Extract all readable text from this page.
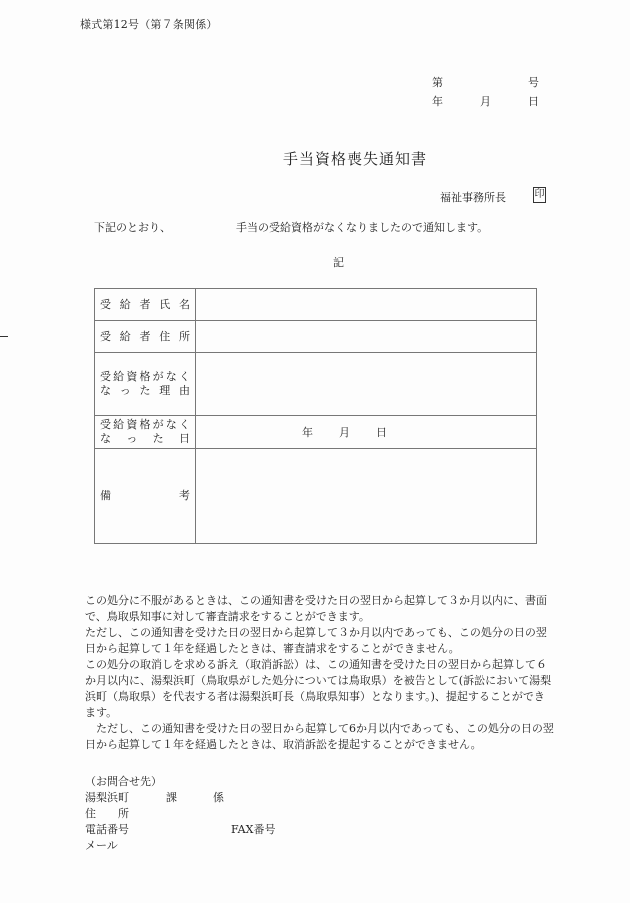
様式第12号（第７条関係）
第	号
年	月	日
手当資格喪失通知書
福祉事務所長	印
下記のとおり、	手当の受給資格がなくなりましたので通知します。
記
受 給 者 氏 名	

受 給 者 住 所	

受 給 資 格 が な く
な っ た 理 由

受 給 資 格 が な く
な っ た 日	年 月 日

備 考	

この処分に不服があるときは、この通知書を受けた日の翌日から起算して３か月以内に、書面で、鳥取県知事に対して審査請求をすることができます。

ただし、この通知書を受けた日の翌日から起算して３か月以内であっても、この処分の日の翌日から起算して１年を経過したときは、審査請求をすることができません。

この処分の取消しを求める訴え（取消訴訟）は、この通知書を受けた日の翌日から起算して６か月以内に、湯梨浜町（鳥取県がした処分については鳥取県）を被告として(訴訟において湯梨浜町（鳥取県）を代表する者は湯梨浜町長（鳥取県知事）となります。)、提起することができます。

　ただし、この通知書を受けた日の翌日から起算して6か月以内であっても、この処分の日の翌日から起算して１年を経過したときは、取消訴訟を提起することができません。

（お問合せ先）
湯梨浜町	課	係
住　　所
電話番号	FAX番号
メール
